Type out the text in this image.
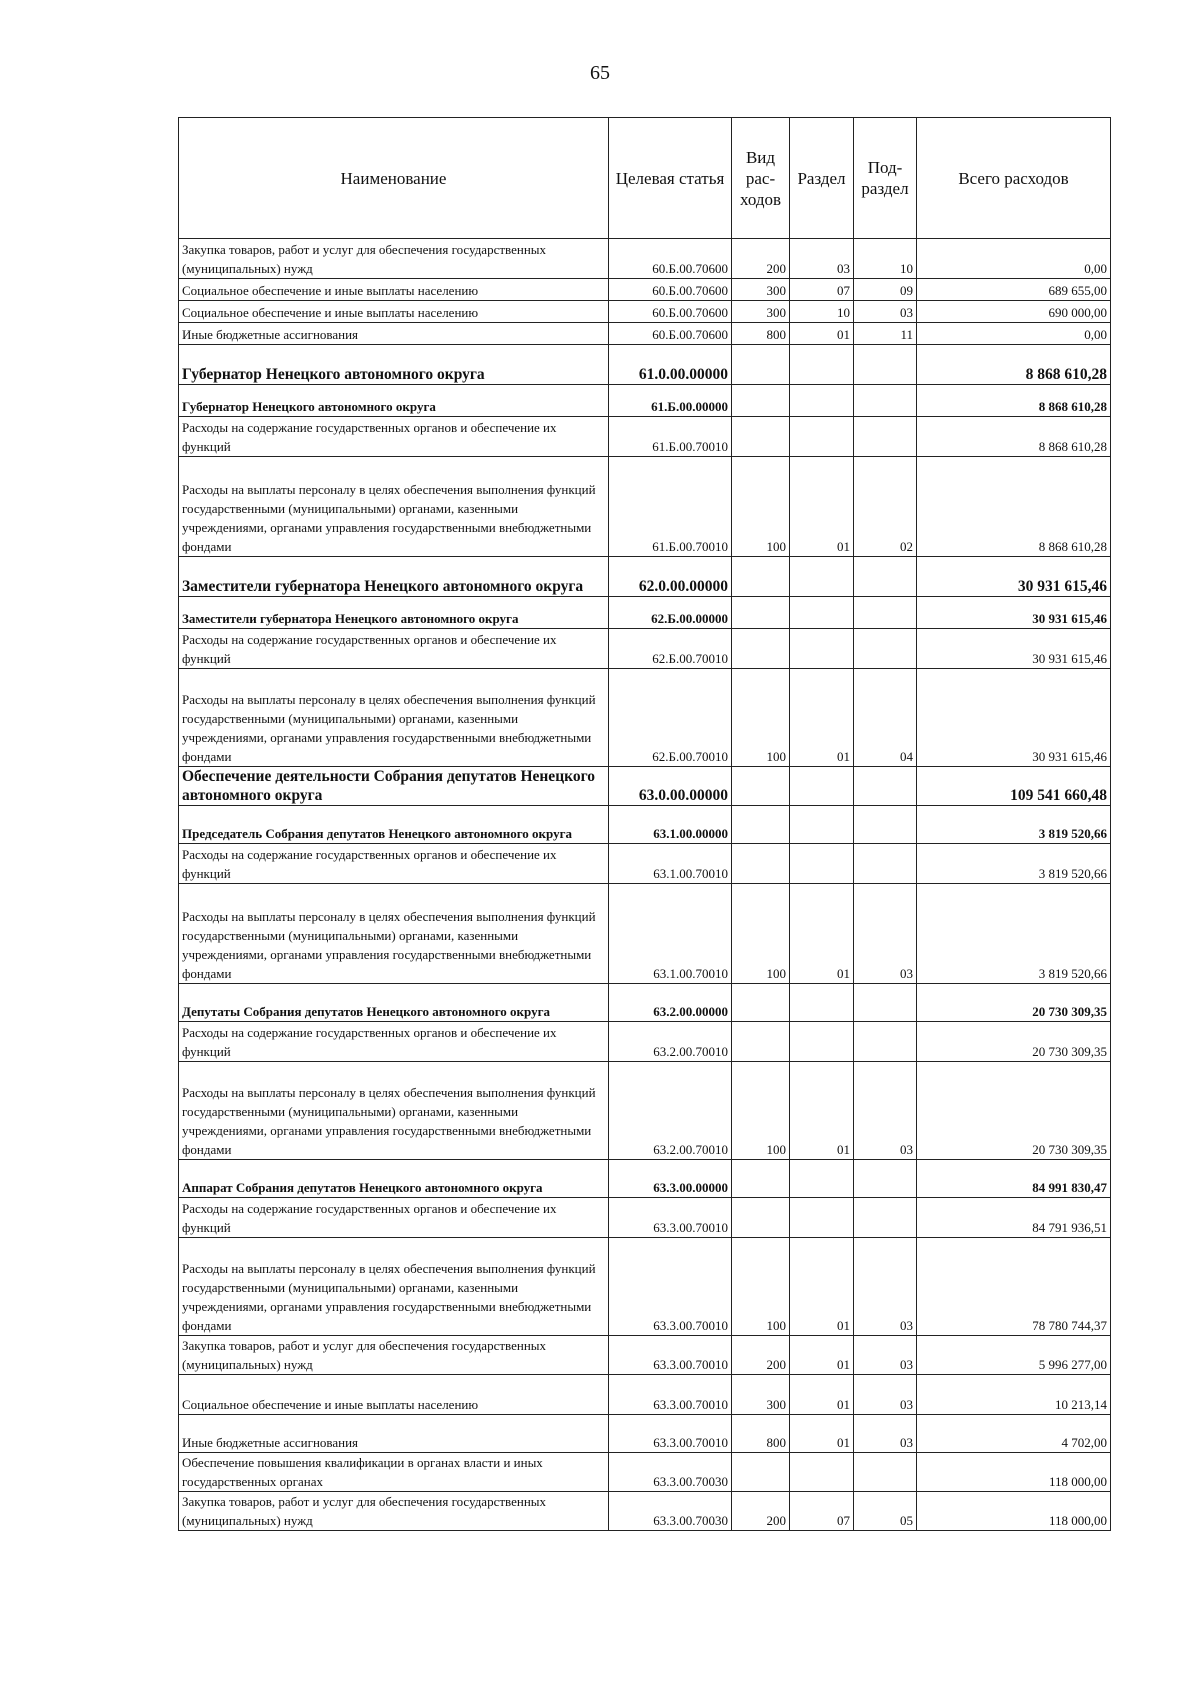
65
Наименование	Целевая статья	Вид рас-ходов	Раздел	Под-раздел	Всего расходов
Закупка товаров, работ и услуг для обеспечения государственных (муниципальных) нужд	60.Б.00.70600	200	03	10	0,00
Социальное обеспечение и иные выплаты населению	60.Б.00.70600	300	07	09	689 655,00
Социальное обеспечение и иные выплаты населению	60.Б.00.70600	300	10	03	690 000,00
Иные бюджетные ассигнования	60.Б.00.70600	800	01	11	0,00
Губернатор Ненецкого автономного округа	61.0.00.00000				8 868 610,28
Губернатор Ненецкого автономного округа	61.Б.00.00000				8 868 610,28
Расходы на содержание государственных органов и обеспечение их функций	61.Б.00.70010				8 868 610,28
Расходы на выплаты персоналу в целях обеспечения выполнения функций государственными (муниципальными) органами, казенными учреждениями, органами управления государственными внебюджетными фондами	61.Б.00.70010	100	01	02	8 868 610,28
Заместители губернатора Ненецкого автономного округа	62.0.00.00000				30 931 615,46
Заместители губернатора Ненецкого автономного округа	62.Б.00.00000				30 931 615,46
Расходы на содержание государственных органов и обеспечение их функций	62.Б.00.70010				30 931 615,46
Расходы на выплаты персоналу в целях обеспечения выполнения функций государственными (муниципальными) органами, казенными учреждениями, органами управления государственными внебюджетными фондами	62.Б.00.70010	100	01	04	30 931 615,46
Обеспечение деятельности Собрания депутатов Ненецкого автономного округа	63.0.00.00000				109 541 660,48
Председатель Собрания депутатов Ненецкого автономного округа	63.1.00.00000				3 819 520,66
Расходы на содержание государственных органов и обеспечение их функций	63.1.00.70010				3 819 520,66
Расходы на выплаты персоналу в целях обеспечения выполнения функций государственными (муниципальными) органами, казенными учреждениями, органами управления государственными внебюджетными фондами	63.1.00.70010	100	01	03	3 819 520,66
Депутаты Собрания депутатов Ненецкого автономного округа	63.2.00.00000				20 730 309,35
Расходы на содержание государственных органов и обеспечение их функций	63.2.00.70010				20 730 309,35
Расходы на выплаты персоналу в целях обеспечения выполнения функций государственными (муниципальными) органами, казенными учреждениями, органами управления государственными внебюджетными фондами	63.2.00.70010	100	01	03	20 730 309,35
Аппарат Собрания депутатов Ненецкого автономного округа	63.3.00.00000				84 991 830,47
Расходы на содержание государственных органов и обеспечение их функций	63.3.00.70010				84 791 936,51
Расходы на выплаты персоналу в целях обеспечения выполнения функций государственными (муниципальными) органами, казенными учреждениями, органами управления государственными внебюджетными фондами	63.3.00.70010	100	01	03	78 780 744,37
Закупка товаров, работ и услуг для обеспечения государственных (муниципальных) нужд	63.3.00.70010	200	01	03	5 996 277,00
Социальное обеспечение и иные выплаты населению	63.3.00.70010	300	01	03	10 213,14
Иные бюджетные ассигнования	63.3.00.70010	800	01	03	4 702,00
Обеспечение повышения квалификации в органах власти и иных государственных органах	63.3.00.70030				118 000,00
Закупка товаров, работ и услуг для обеспечения государственных (муниципальных) нужд	63.3.00.70030	200	07	05	118 000,00
